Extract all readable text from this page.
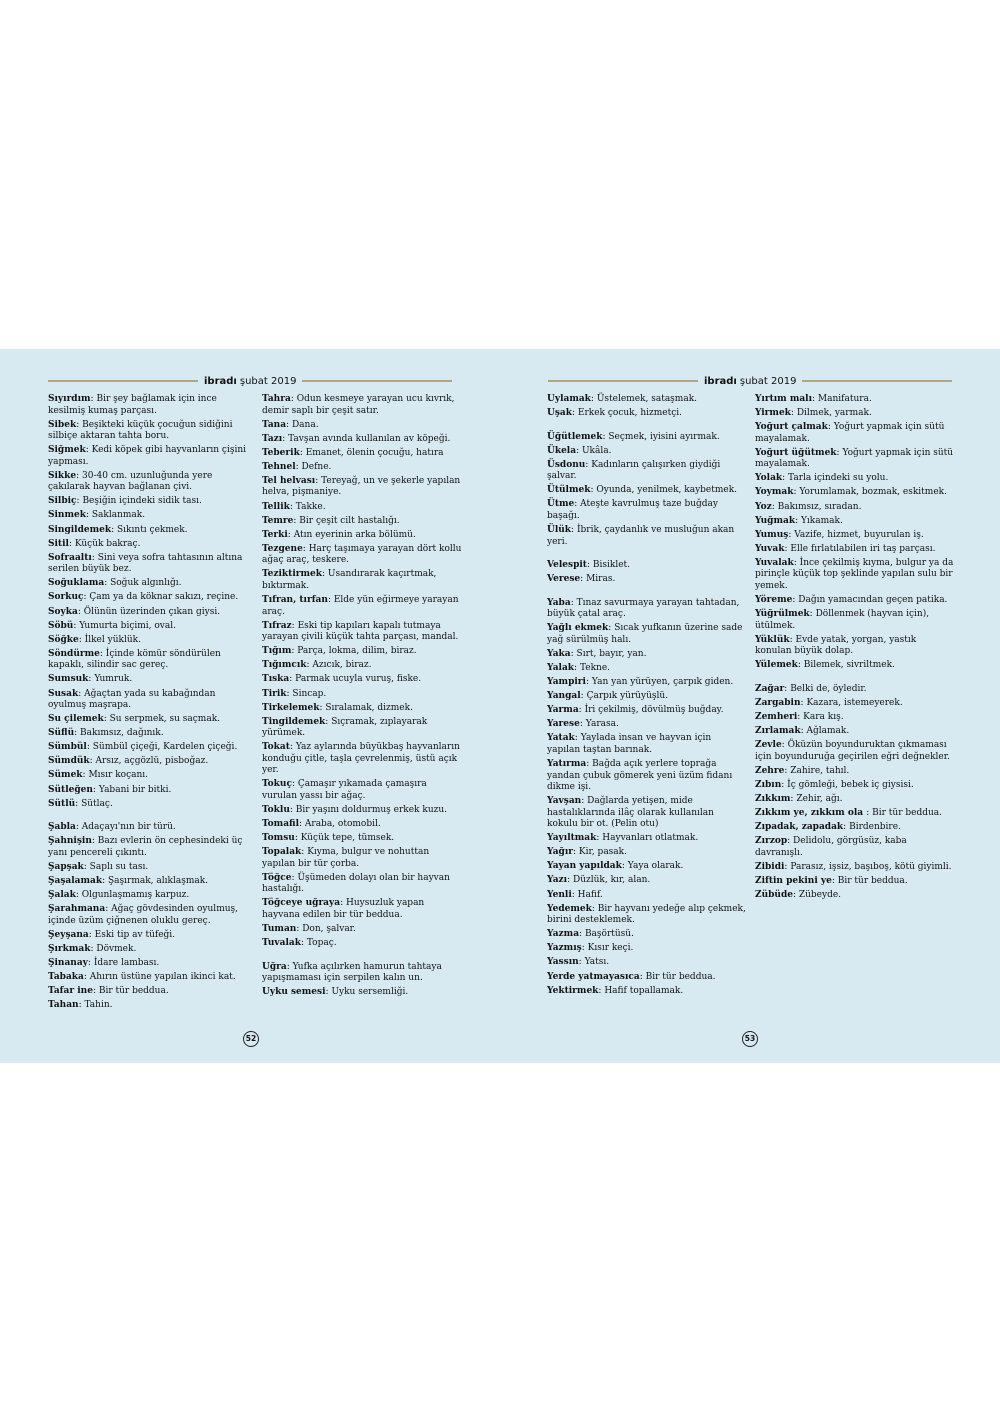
ibradı şubat 2019
Sıyırdım: Bir şey bağlamak için ince kesilmiş kumaş parçası.
Sibek: Beşikteki küçük çocuğun sidiğini silbiçe aktaran tahta boru.
Siğmek: Kedi köpek gibi hayvanların çişini yapması.
Sikke: 30-40 cm. uzunluğunda yere çakılarak hayvan bağlanan çivi.
Silbiç: Beşiğin içindeki sidik tası.
Sinmek: Saklanmak.
Singildemek: Sıkıntı çekmek.
Sitil: Küçük bakraç.
Sofraaltı: Sini veya sofra tahtasının altına serilen büyük bez.
Soğuklama: Soğuk algınlığı.
Sorkuç: Çam ya da köknar sakızı, reçine.
Soyka: Ölünün üzerinden çıkan giysi.
Söbü: Yumurta biçimi, oval.
Söğke: İlkel yüklük.
Söndürme: İçinde kömür söndürülen kapaklı, silindir sac gereç.
Sumsuk: Yumruk.
Susak: Ağaçtan yada su kabağından oyulmuş maşrapa.
Su çilemek: Su serpmek, su saçmak.
Süflü: Bakımsız, dağınık.
Sümbül: Sümbül çiçeği, Kardelen çiçeği.
Sümdük: Arsız, açgözlü, pisboğaz.
Sümek: Mısır koçanı.
Sütleğen: Yabani bir bitki.
Sütlü: Sütlaç.
Şabla: Adaçayı'nın bir türü.
Şahnişin: Bazı evlerin ön cephesindeki üç yanı pencereli çıkıntı.
Şapşak: Saplı su tası.
Şaşalamak: Şaşırmak, alıklaşmak.
Şalak: Olgunlaşmamış karpuz.
Şarahmana: Ağaç gövdesinden oyulmuş, içinde üzüm çiğnenen oluklu gereç.
Şeyşana: Eski tip av tüfeği.
Şırkmak: Dövmek.
Şinanay: İdare lambası.
Tabaka: Ahırın üstüne yapılan ikinci kat.
Tafar ine: Bir tür beddua.
Tahan: Tahin.
Tahra: Odun kesmeye yarayan ucu kıvrık, demir saplı bir çeşit satır.
Tana: Dana.
Tazı: Tavşan avında kullanılan av köpeği.
Teberik: Emanet, ölenin çocuğu, hatıra
Tehnel: Defne.
Tel helvası: Tereyağ, un ve şekerle yapılan helva, pişmaniye.
Tellik: Takke.
Temre: Bir çeşit cilt hastalığı.
Terki: Atın eyerinin arka bölümü.
Tezgene: Harç taşımaya yarayan dört kollu ağaç araç, teskere.
Teziktirmek: Usandırarak kaçırtmak, bıktırmak.
Tıfran, tırfan: Elde yün eğirmeye yarayan araç.
Tıfraz: Eski tip kapıları kapalı tutmaya yarayan çivili küçük tahta parçası, mandal.
Tığım: Parça, lokma, dilim, biraz.
Tığımcık: Azıcık, biraz.
Tıska: Parmak ucuyla vuruş, fiske.
Tirik: Sincap.
Tirkelemek: Sıralamak, dizmek.
Tingildemek: Sıçramak, zıplayarak yürümek.
Tokat: Yaz aylarında büyükbaş hayvanların konduğu çitle, taşla çevrelenmiş, üstü açık yer.
Tokuç: Çamaşır yıkamada çamaşıra vurulan yassı bir ağaç.
Toklu: Bir yaşını doldurmuş erkek kuzu.
Tomafil: Araba, otomobil.
Tomsu: Küçük tepe, tümsek.
Topalak: Kıyma, bulgur ve nohuttan yapılan bir tür çorba.
Töğce: Üşümeden dolayı olan bir hayvan hastalığı.
Töğceye uğraya: Huysuzluk yapan hayvana edilen bir tür beddua.
Tuman: Don, şalvar.
Tuvalak: Topaç.
Uğra: Yufka açılırken hamurun tahtaya yapışmaması için serpilen kalın un.
Uyku semesi: Uyku sersemliği.
52
ibradı şubat 2019
Uylamak: Üstelemek, sataşmak.
Uşak: Erkek çocuk, hizmetçi.
Üğütlemek: Seçmek, iyisini ayırmak.
Ükela: Ukâla.
Üsdonu: Kadınların çalışırken giydiği şalvar.
Ütülmek: Oyunda, yenilmek, kaybetmek.
Ütme: Ateşte kavrulmuş taze buğday başağı.
Ülük: İbrik, çaydanlık ve musluğun akan yeri.
Velespit: Bisiklet.
Verese: Miras.
Yaba: Tınaz savurmaya yarayan tahtadan, büyük çatal araç.
Yağlı ekmek: Sıcak yufkanın üzerine sade yağ sürülmüş halı.
Yaka: Sırt, bayır, yan.
Yalak: Tekne.
Yampiri: Yan yan yürüyen, çarpık giden.
Yangal: Çarpık yürüyüşlü.
Yarma: İri çekilmiş, dövülmüş buğday.
Yarese: Yarasa.
Yatak: Yaylada insan ve hayvan için yapılan taştan barınak.
Yatırma: Bağda açık yerlere toprağa yandan çubuk gömerek yeni üzüm fidanı dikme işi.
Yavşan: Dağlarda yetişen, mide hastalıklarında ilâç olarak kullanılan kokulu bir ot. (Pelin otu)
Yayıltmak: Hayvanları otlatmak.
Yağır: Kir, pasak.
Yayan yapıldak: Yaya olarak.
Yazı: Düzlük, kır, alan.
Yenli: Hafif.
Yedemek: Bir hayvanı yedeğe alıp çekmek, birini desteklemek.
Yazma: Başörtüsü.
Yazmış: Kısır keçi.
Yassın: Yatsı.
Yerde yatmayasıca: Bir tür beddua.
Yektirmek: Hafif topallamak.
Yırtım malı: Manifatura.
Yirmek: Dilmek, yarmak.
Yoğurt çalmak: Yoğurt yapmak için sütü mayalamak.
Yoğurt üğütmek: Yoğurt yapmak için sütü mayalamak.
Yolak: Tarla içindeki su yolu.
Yoymak: Yorumlamak, bozmak, eskitmek.
Yoz: Bakımsız, sıradan.
Yuğmak: Yıkamak.
Yumuş: Vazife, hizmet, buyurulan iş.
Yuvak: Elle fırlatılabilen iri taş parçası.
Yuvalak: İnce çekilmiş kıyma, bulgur ya da pirinçle küçük top şeklinde yapılan sulu bir yemek.
Yöreme: Dağın yamacından geçen patika.
Yüğrülmek: Döllenmek (hayvan için), ütülmek.
Yüklük: Evde yatak, yorgan, yastık konulan büyük dolap.
Yülemek: Bilemek, sivriltmek.
Zağar: Belki de, öyledir.
Zargabin: Kazara, istemeyerek.
Zemheri: Kara kış.
Zırlamak: Ağlamak.
Zevle: Öküzün boyunduruktan çıkmaması için boyunduruğa geçirilen eğri değnekler.
Zehre: Zahire, tahıl.
Zıbın: İç gömleği, bebek iç giysisi.
Zıkkım: Zehir, ağı.
Zıkkım ye, zıkkım ola : Bir tür beddua.
Zıpadak, zapadak: Birdenbire.
Zırzop: Delidolu, görgüsüz, kaba davranışlı.
Zibidi: Parasız, işsiz, başıboş, kötü giyimli.
Ziftin pekini ye: Bir tür beddua.
Zübüde: Zübeyde.
53
